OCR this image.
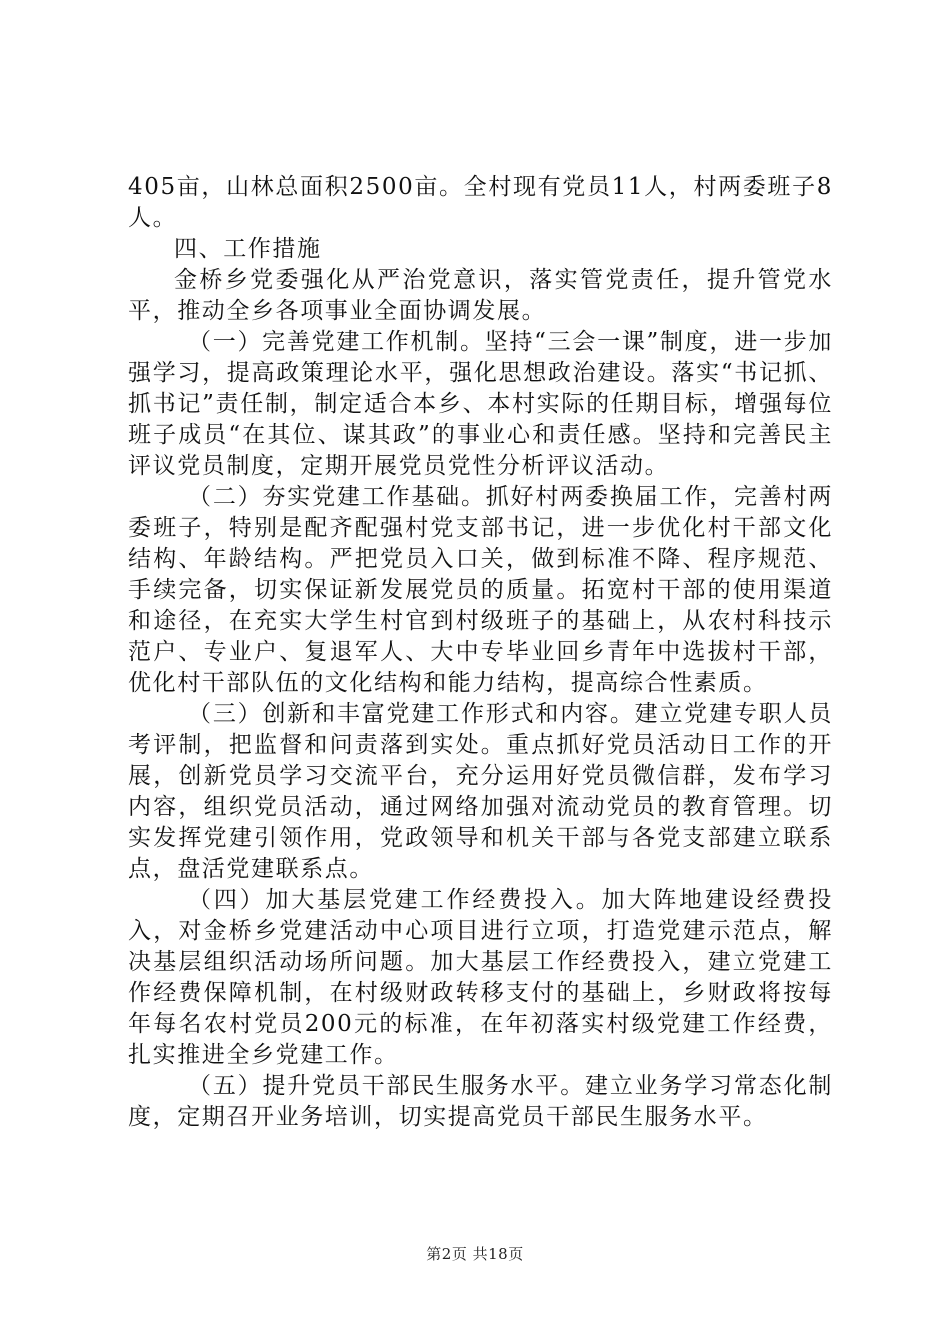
405亩，山林总面积2500亩。全村现有党员11人，村两委班子8人。

四、工作措施

金桥乡党委强化从严治党意识，落实管党责任，提升管党水平，推动全乡各项事业全面协调发展。

（一）完善党建工作机制。坚持“三会一课”制度，进一步加强学习，提高政策理论水平，强化思想政治建设。落实“书记抓、抓书记”责任制，制定适合本乡、本村实际的任期目标，增强每位班子成员“在其位、谋其政”的事业心和责任感。坚持和完善民主评议党员制度，定期开展党员党性分析评议活动。

（二）夯实党建工作基础。抓好村两委换届工作，完善村两委班子，特别是配齐配强村党支部书记，进一步优化村干部文化结构、年龄结构。严把党员入口关，做到标准不降、程序规范、手续完备，切实保证新发展党员的质量。拓宽村干部的使用渠道和途径，在充实大学生村官到村级班子的基础上，从农村科技示范户、专业户、复退军人、大中专毕业回乡青年中选拔村干部，优化村干部队伍的文化结构和能力结构，提高综合性素质。

（三）创新和丰富党建工作形式和内容。建立党建专职人员考评制，把监督和问责落到实处。重点抓好党员活动日工作的开展，创新党员学习交流平台，充分运用好党员微信群，发布学习内容，组织党员活动，通过网络加强对流动党员的教育管理。切实发挥党建引领作用，党政领导和机关干部与各党支部建立联系点，盘活党建联系点。

（四）加大基层党建工作经费投入。加大阵地建设经费投入，对金桥乡党建活动中心项目进行立项，打造党建示范点，解决基层组织活动场所问题。加大基层工作经费投入，建立党建工作经费保障机制，在村级财政转移支付的基础上，乡财政将按每年每名农村党员200元的标准，在年初落实村级党建工作经费，扎实推进全乡党建工作。

（五）提升党员干部民生服务水平。建立业务学习常态化制度，定期召开业务培训，切实提高党员干部民生服务水平。

第2页 共18页
